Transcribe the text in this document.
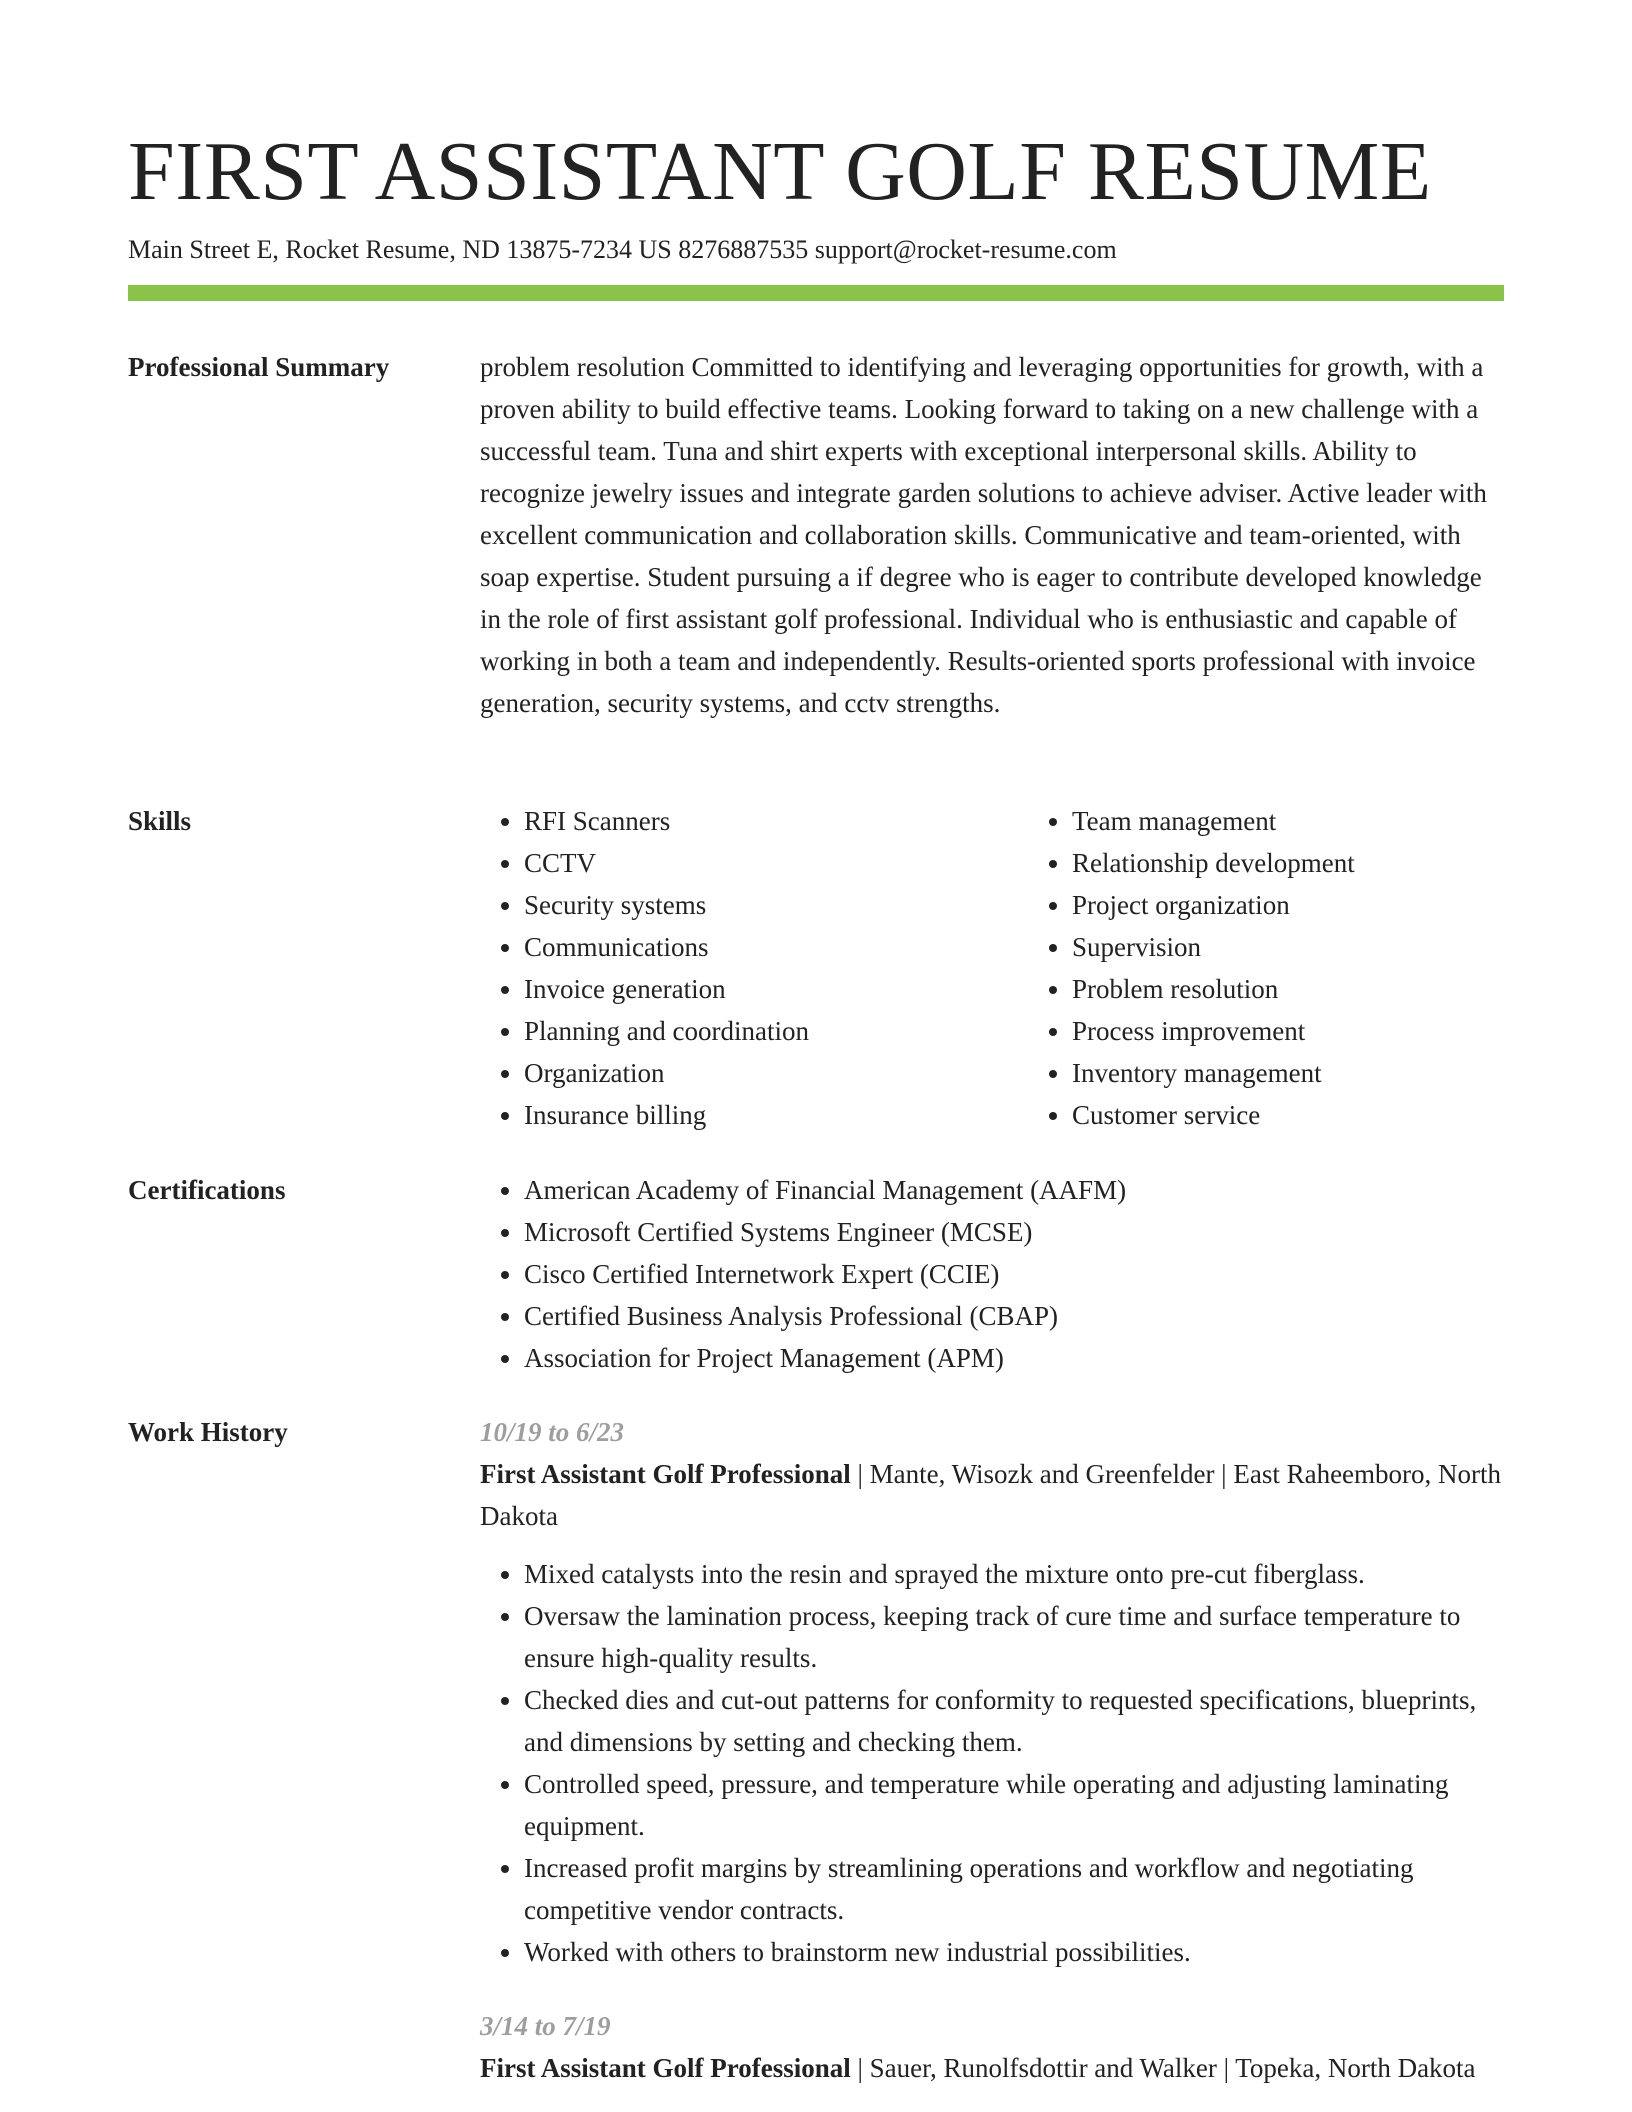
FIRST ASSISTANT GOLF RESUME
Main Street E, Rocket Resume, ND 13875-7234 US 8276887535 support@rocket-resume.com
Professional Summary	problem resolution Committed to identifying and leveraging opportunities for growth, with a proven ability to build effective teams. Looking forward to taking on a new challenge with a successful team. Tuna and shirt experts with exceptional interpersonal skills. Ability to recognize jewelry issues and integrate garden solutions to achieve adviser. Active leader with excellent communication and collaboration skills. Communicative and team-oriented, with soap expertise. Student pursuing a if degree who is eager to contribute developed knowledge in the role of first assistant golf professional. Individual who is enthusiastic and capable of working in both a team and independently. Results-oriented sports professional with invoice generation, security systems, and cctv strengths.

Skills	• RFI Scanners
• CCTV
• Security systems
• Communications
• Invoice generation
• Planning and coordination
• Organization
• Insurance billing
• Team management
• Relationship development
• Project organization
• Supervision
• Problem resolution
• Process improvement
• Inventory management
• Customer service
Certifications	• American Academy of Financial Management (AAFM)
• Microsoft Certified Systems Engineer (MCSE)
• Cisco Certified Internetwork Expert (CCIE)
• Certified Business Analysis Professional (CBAP)
• Association for Project Management (APM)
Work History	10/19 to 6/23
First Assistant Golf Professional | Mante, Wisozk and Greenfelder | East Raheemboro, North Dakota
• Mixed catalysts into the resin and sprayed the mixture onto pre-cut fiberglass.
• Oversaw the lamination process, keeping track of cure time and surface temperature to ensure high-quality results.
• Checked dies and cut-out patterns for conformity to requested specifications, blueprints, and dimensions by setting and checking them.
• Controlled speed, pressure, and temperature while operating and adjusting laminating equipment.
• Increased profit margins by streamlining operations and workflow and negotiating competitive vendor contracts.
• Worked with others to brainstorm new industrial possibilities.
3/14 to 7/19
First Assistant Golf Professional | Sauer, Runolfsdottir and Walker | Topeka, North Dakota
